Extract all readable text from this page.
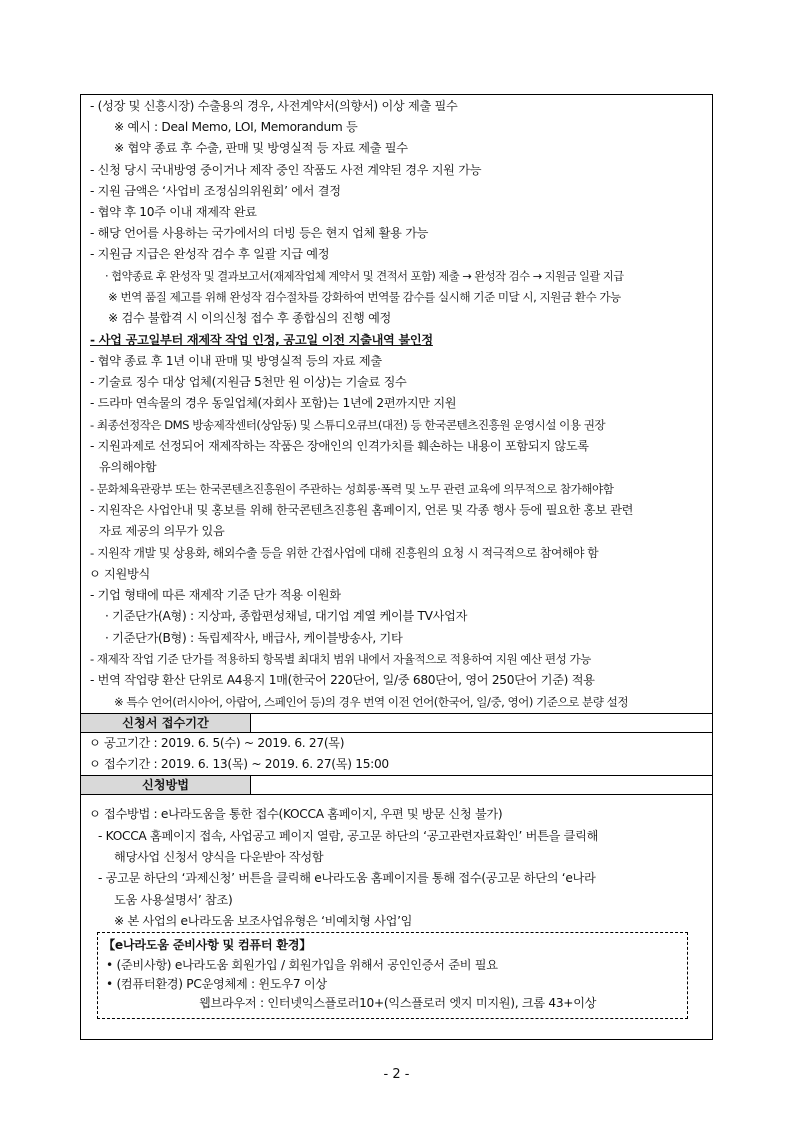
- (성장 및 신흥시장) 수출용의 경우, 사전계약서(의향서) 이상 제출 필수
※ 예시 : Deal Memo, LOI, Memorandum 등
※ 협약 종료 후 수출, 판매 및 방영실적 등 자료 제출 필수
- 신청 당시 국내방영 중이거나 제작 중인 작품도 사전 계약된 경우 지원 가능
- 지원 금액은 ‘사업비 조정심의위원회’ 에서 결정
- 협약 후 10주 이내 재제작 완료
- 해당 언어를 사용하는 국가에서의 더빙 등은 현지 업체 활용 가능
- 지원금 지급은 완성작 검수 후 일괄 지급 예정
· 협약종료 후 완성작 및 결과보고서(재제작업체 계약서 및 견적서 포함) 제출 → 완성작 검수 → 지원금 일괄 지급
※ 번역 품질 제고를 위해 완성작 검수절차를 강화하여 번역물 감수를 실시해 기준 미달 시, 지원금 환수 가능
※ 검수 불합격 시 이의신청 접수 후 종합심의 진행 예정
- 사업 공고일부터 재제작 작업 인정, 공고일 이전 지출내역 불인정
- 협약 종료 후 1년 이내 판매 및 방영실적 등의 자료 제출
- 기술료 징수 대상 업체(지원금 5천만 원 이상)는 기술료 징수
- 드라마 연속물의 경우 동일업체(자회사 포함)는 1년에 2편까지만 지원
- 최종선정작은 DMS 방송제작센터(상암동) 및 스튜디오큐브(대전) 등 한국콘텐츠진흥원 운영시설 이용 권장
- 지원과제로 선정되어 재제작하는 작품은 장애인의 인격가치를 훼손하는 내용이 포함되지 않도록
유의해야함
- 문화체육관광부 또는 한국콘텐츠진흥원이 주관하는 성희롱·폭력 및 노무 관련 교육에 의무적으로 참가해야함
- 지원작은 사업안내 및 홍보를 위해 한국콘텐츠진흥원 홈페이지, 언론 및 각종 행사 등에 필요한 홍보 관련
자료 제공의 의무가 있음
- 지원작 개발 및 상용화, 해외수출 등을 위한 간접사업에 대해 진흥원의 요청 시 적극적으로 참여해야 함
ㅇ 지원방식
- 기업 형태에 따른 재제작 기준 단가 적용 이원화
· 기준단가(A형) : 지상파, 종합편성채널, 대기업 계열 케이블 TV사업자
· 기준단가(B형) : 독립제작사, 배급사, 케이블방송사, 기타
- 재제작 작업 기준 단가를 적용하되 항목별 최대치 범위 내에서 자율적으로 적용하여 지원 예산 편성 가능
- 번역 작업량 환산 단위로 A4용지 1매(한국어 220단어, 일/중 680단어, 영어 250단어 기준) 적용
※ 특수 언어(러시아어, 아랍어, 스페인어 등)의 경우 번역 이전 언어(한국어, 일/중, 영어) 기준으로 분량 설정
신청서 접수기간
ㅇ 공고기간 : 2019. 6. 5(수) ~ 2019. 6. 27(목)
ㅇ 접수기간 : 2019. 6. 13(목) ~ 2019. 6. 27(목) 15:00
신청방법
ㅇ 접수방법 : e나라도움을 통한 접수(KOCCA 홈페이지, 우편 및 방문 신청 불가)
- KOCCA 홈페이지 접속, 사업공고 페이지 열람, 공고문 하단의 ‘공고관련자료확인’ 버튼을 클릭해
해당사업 신청서 양식을 다운받아 작성함
- 공고문 하단의 ‘과제신청’ 버튼을 클릭해 e나라도움 홈페이지를 통해 접수(공고문 하단의 ‘e나라
도움 사용설명서’ 참조)
※ 본 사업의 e나라도움 보조사업유형은 ‘비예치형 사업’임
【e나라도움 준비사항 및 컴퓨터 환경】
• (준비사항) e나라도움 회원가입 / 회원가입을 위해서 공인인증서 준비 필요
• (컴퓨터환경) PC운영체제 : 윈도우7 이상
웹브라우저 : 인터넷익스플로러10+(익스플로러 엣지 미지원), 크롬 43+이상
- 2 -
